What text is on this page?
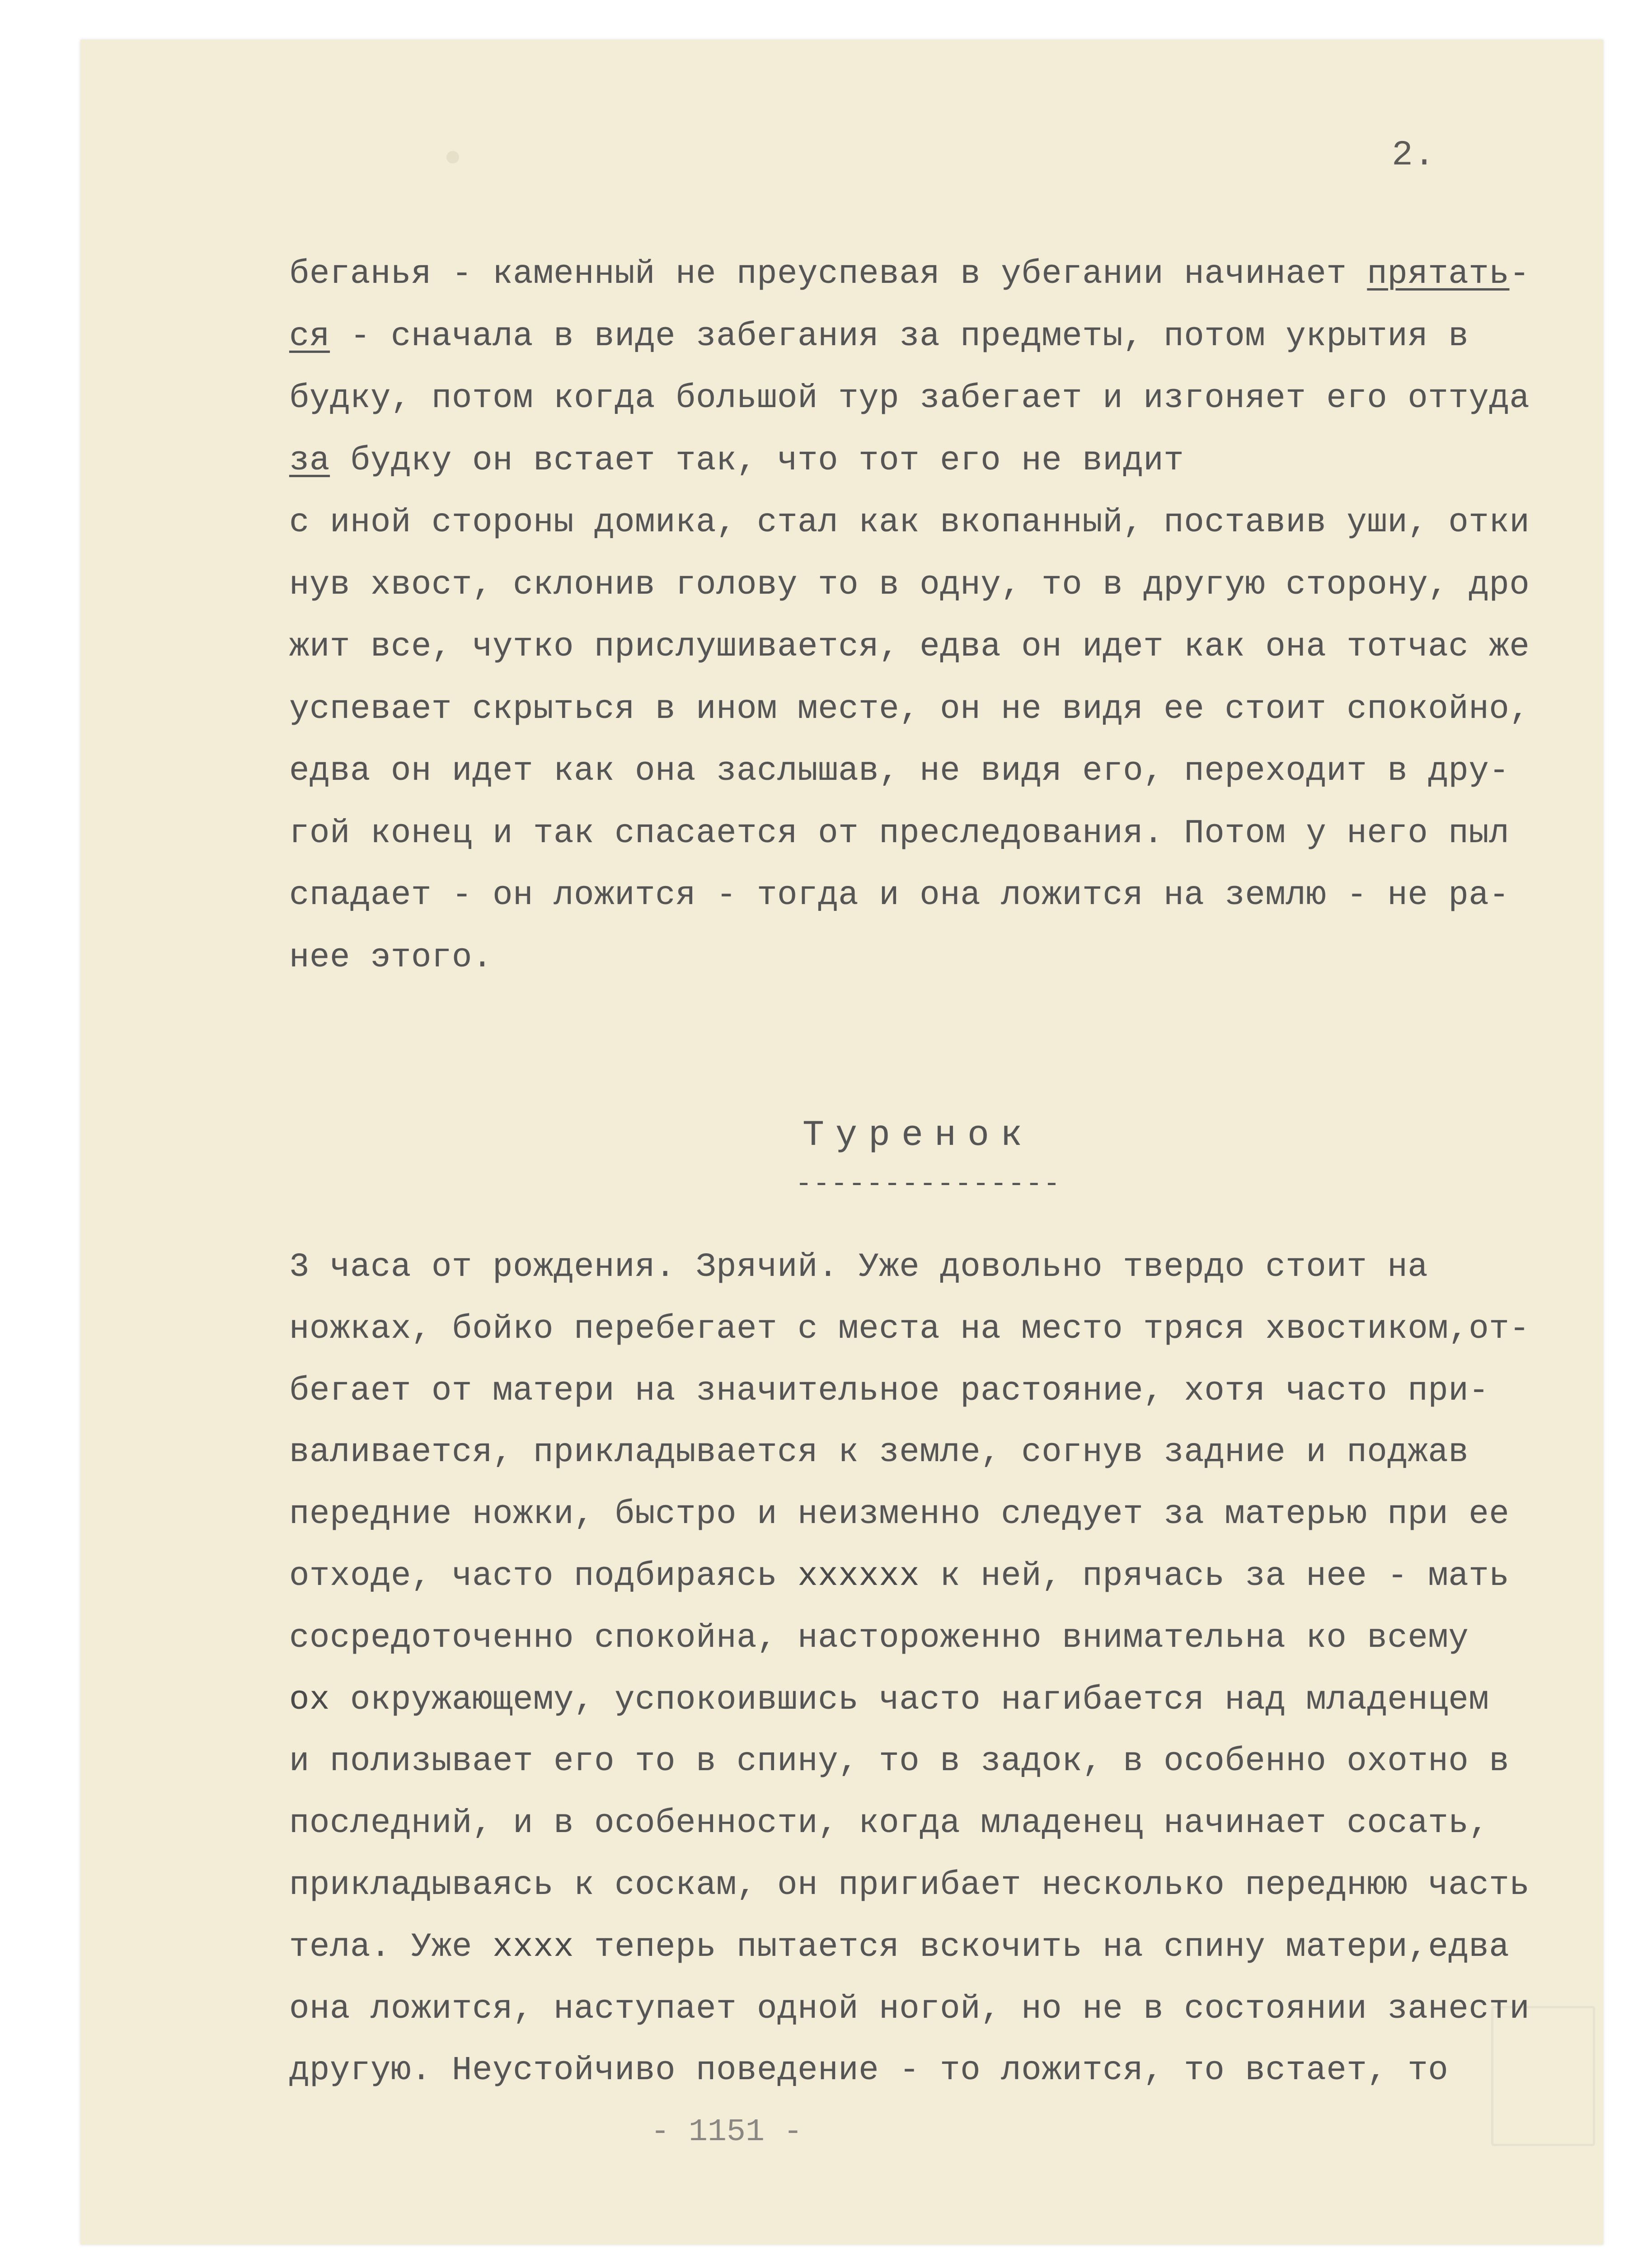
2.
беганья - каменный не преуспевая в убегании начинает прятать-
ся - сначала в виде забегания за предметы, потом укрытия в
будку, потом когда большой тур забегает и изгоняет его оттуда
за будку он встает так, что тот его не видит
с иной стороны домика, стал как вкопанный, поставив уши, отки
нув хвост, склонив голову то в одну, то в другую сторону, дро
жит все, чутко прислушивается, едва он идет как она тотчас же
успевает скрыться в ином месте, он не видя ее стоит спокойно,
едва он идет как она заслышав, не видя его, переходит в дру-
гой конец и так спасается от преследования. Потом у него пыл
спадает - он ложится - тогда и она ложится на землю - не ра-
нее этого.
Туренок
---------------
3 часа от рождения. Зрячий. Уже довольно твердо стоит на
ножках, бойко перебегает с места на место тряся хвостиком,от-
бегает от матери на значительное растояние, хотя часто при-
валивается, прикладывается к земле, согнув задние и поджав
передние ножки, быстро и неизменно следует за матерью при ее
отходе, часто подбираясь хххххх к ней, прячась за нее - мать
сосредоточенно спокойна, настороженно внимательна ко всему
ох окружающему, успокоившись часто нагибается над младенцем
и полизывает его то в спину, то в задок, в особенно охотно в
последний, и в особенности, когда младенец начинает сосать,
прикладываясь к соскам, он пригибает несколько переднюю часть
тела. Уже хххх теперь пытается вскочить на спину матери,едва
она ложится, наступает одной ногой, но не в состоянии занести
другую. Неустойчиво поведение - то ложится, то встает, то
- 1151 -
